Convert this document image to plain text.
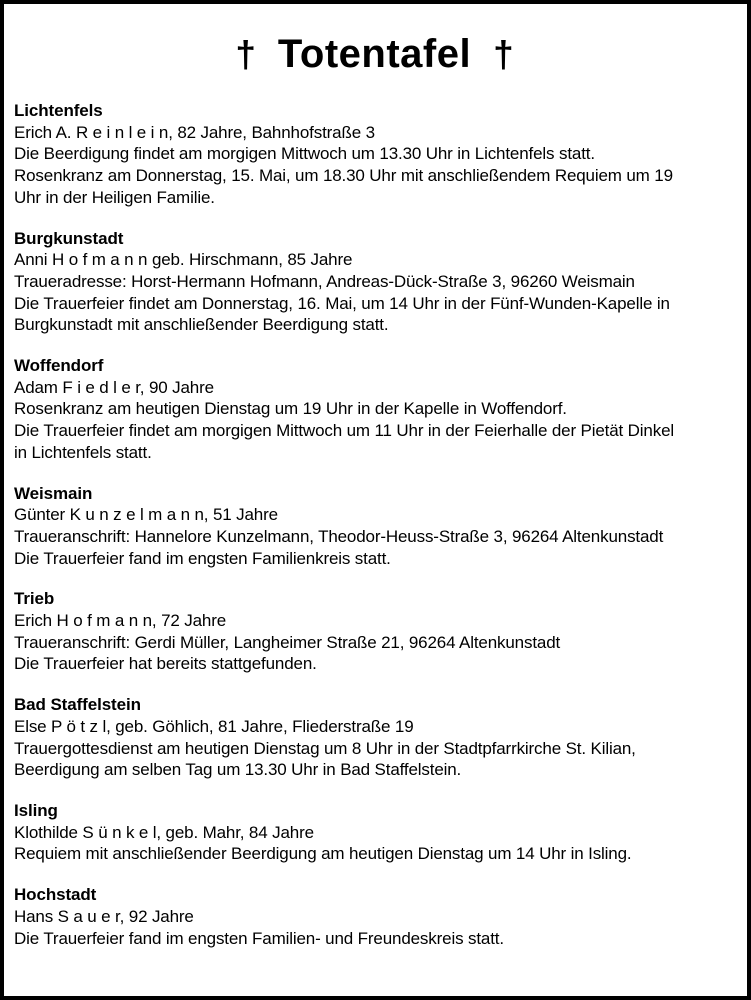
† Totentafel †
Lichtenfels
Erich A. R e i n l e i n, 82 Jahre, Bahnhofstraße 3
Die Beerdigung findet am morgigen Mittwoch um 13.30 Uhr in Lichtenfels statt.
Rosenkranz am Donnerstag, 15. Mai, um 18.30 Uhr mit anschließendem Requiem um 19
Uhr in der Heiligen Familie.
Burgkunstadt
Anni H o f m a n n geb. Hirschmann, 85 Jahre
Traueradresse: Horst-Hermann Hofmann, Andreas-Dück-Straße 3, 96260 Weismain
Die Trauerfeier findet am Donnerstag, 16. Mai, um 14 Uhr in der Fünf-Wunden-Kapelle in
Burgkunstadt mit anschließender Beerdigung statt.
Woffendorf
Adam F i e d l e r, 90 Jahre
Rosenkranz am heutigen Dienstag um 19 Uhr in der Kapelle in Woffendorf.
Die Trauerfeier findet am morgigen Mittwoch um 11 Uhr in der Feierhalle der Pietät Dinkel
in Lichtenfels statt.
Weismain
Günter K u n z e l m a n n, 51 Jahre
Traueranschrift: Hannelore Kunzelmann, Theodor-Heuss-Straße 3, 96264 Altenkunstadt
Die Trauerfeier fand im engsten Familienkreis statt.
Trieb
Erich H o f m a n n, 72 Jahre
Traueranschrift: Gerdi Müller, Langheimer Straße 21, 96264 Altenkunstadt
Die Trauerfeier hat bereits stattgefunden.
Bad Staffelstein
Else P ö t z l, geb. Göhlich, 81 Jahre, Fliederstraße 19
Trauergottesdienst am heutigen Dienstag um 8 Uhr in der Stadtpfarrkirche St. Kilian,
Beerdigung am selben Tag um 13.30 Uhr in Bad Staffelstein.
Isling
Klothilde S ü n k e l, geb. Mahr, 84 Jahre
Requiem mit anschließender Beerdigung am heutigen Dienstag um 14 Uhr in Isling.
Hochstadt
Hans S a u e r, 92 Jahre
Die Trauerfeier fand im engsten Familien- und Freundeskreis statt.
